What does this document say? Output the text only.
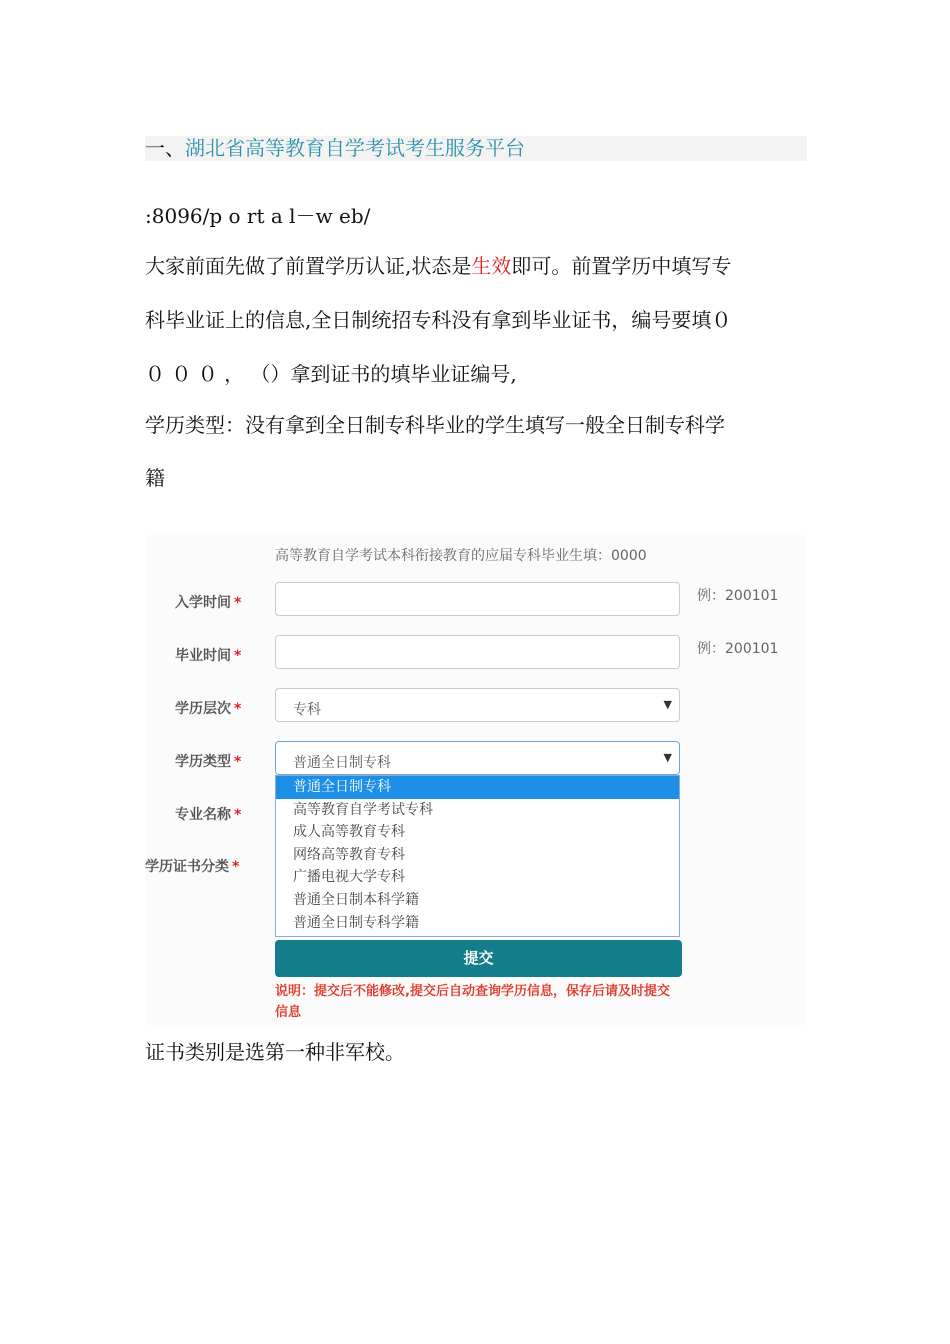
一、湖北省高等教育自学考试考生服务平台
:8096/p o rt a l－w eb/
大家前面先做了前置学历认证,状态是生效即可。前置学历中填写专
科毕业证上的信息,全日制统招专科没有拿到毕业证书，编号要填０
０ ０ ０ ， （）拿到证书的填毕业证编号,
学历类型：没有拿到全日制专科毕业的学生填写一般全日制专科学
籍
高等教育自学考试本科衔接教育的应届专科毕业生填：0000
入学时间 *	例：200101
毕业时间 *	例：200101
学历层次 *	专科	▼
学历类型 *	普通全日制专科	▼
专业名称 *
学历证书分类 *
普通全日制专科
高等教育自学考试专科
成人高等教育专科
网络高等教育专科
广播电视大学专科
普通全日制本科学籍
普通全日制专科学籍
提交
说明：提交后不能修改,提交后自动查询学历信息，保存后请及时提交信息
证书类别是选第一种非军校。
